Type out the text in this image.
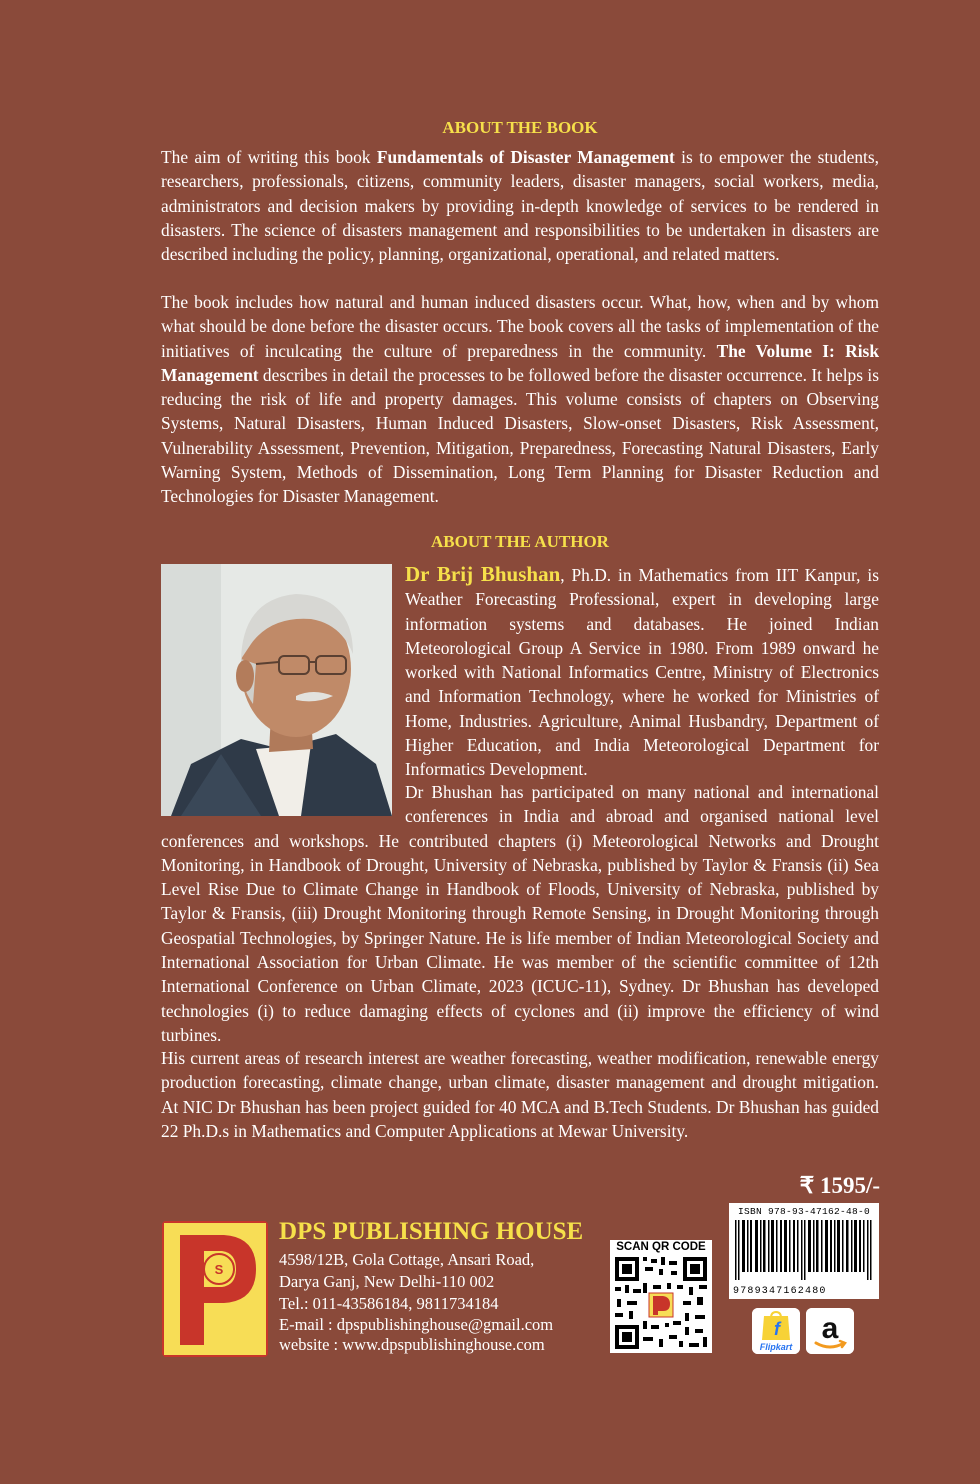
ABOUT THE BOOK

The aim of writing this book Fundamentals of Disaster Management is to empower the students, researchers, professionals, citizens, community leaders, disaster managers, social workers, media, administrators and decision makers by providing in-depth knowledge of services to be rendered in disasters. The science of disasters management and responsibilities to be undertaken in disasters are described including the policy, planning, organizational, operational, and related matters.

The book includes how natural and human induced disasters occur. What, how, when and by whom what should be done before the disaster occurs. The book covers all the tasks of implementation of the initiatives of inculcating the culture of preparedness in the community. The Volume I: Risk Management describes in detail the processes to be followed before the disaster occurrence. It helps is reducing the risk of life and property damages. This volume consists of chapters on Observing Systems, Natural Disasters, Human Induced Disasters, Slow-onset Disasters, Risk Assessment, Vulnerability Assessment, Prevention, Mitigation, Preparedness, Forecasting Natural Disasters, Early Warning System, Methods of Dissemination, Long Term Planning for Disaster Reduction and Technologies for Disaster Management.

ABOUT THE AUTHOR

Dr Brij Bhushan, Ph.D. in Mathematics from IIT Kanpur, is Weather Forecasting Professional, expert in developing large information systems and databases. He joined Indian Meteorological Group A Service in 1980. From 1989 onward he worked with National Informatics Centre, Ministry of Electronics and Information Technology, where he worked for Ministries of Home, Industries. Agriculture, Animal Husbandry, Department of Higher Education, and India Meteorological Department for Informatics Development.

Dr Bhushan has participated on many national and international conferences in India and abroad and organised national level conferences and workshops. He contributed chapters (i) Meteorological Networks and Drought Monitoring, in Handbook of Drought, University of Nebraska, published by Taylor & Fransis (ii) Sea Level Rise Due to Climate Change in Handbook of Floods, University of Nebraska, published by Taylor & Fransis, (iii) Drought Monitoring through Remote Sensing, in Drought Monitoring through Geospatial Technologies, by Springer Nature. He is life member of Indian Meteorological Society and International Association for Urban Climate. He was member of the scientific committee of 12th International Conference on Urban Climate, 2023 (ICUC-11), Sydney. Dr Bhushan has developed technologies (i) to reduce damaging effects of cyclones and (ii) improve the efficiency of wind turbines.

His current areas of research interest are weather forecasting, weather modification, renewable energy production forecasting, climate change, urban climate, disaster management and drought mitigation. At NIC Dr Bhushan has been project guided for 40 MCA and B.Tech Students. Dr Bhushan has guided 22 Ph.D.s in Mathematics and Computer Applications at Mewar University.

₹ 1595/-
S
DPS PUBLISHING HOUSE
4598/12B, Gola Cottage, Ansari Road,
Darya Ganj, New Delhi-110 002
Tel.: 011-43586184, 9811734184
E-mail : dpspublishinghouse@gmail.com
website : www.dpspublishinghouse.com
SCAN QR CODE
ISBN 978-93-47162-48-0
9789347162480
f
Flipkart
a
